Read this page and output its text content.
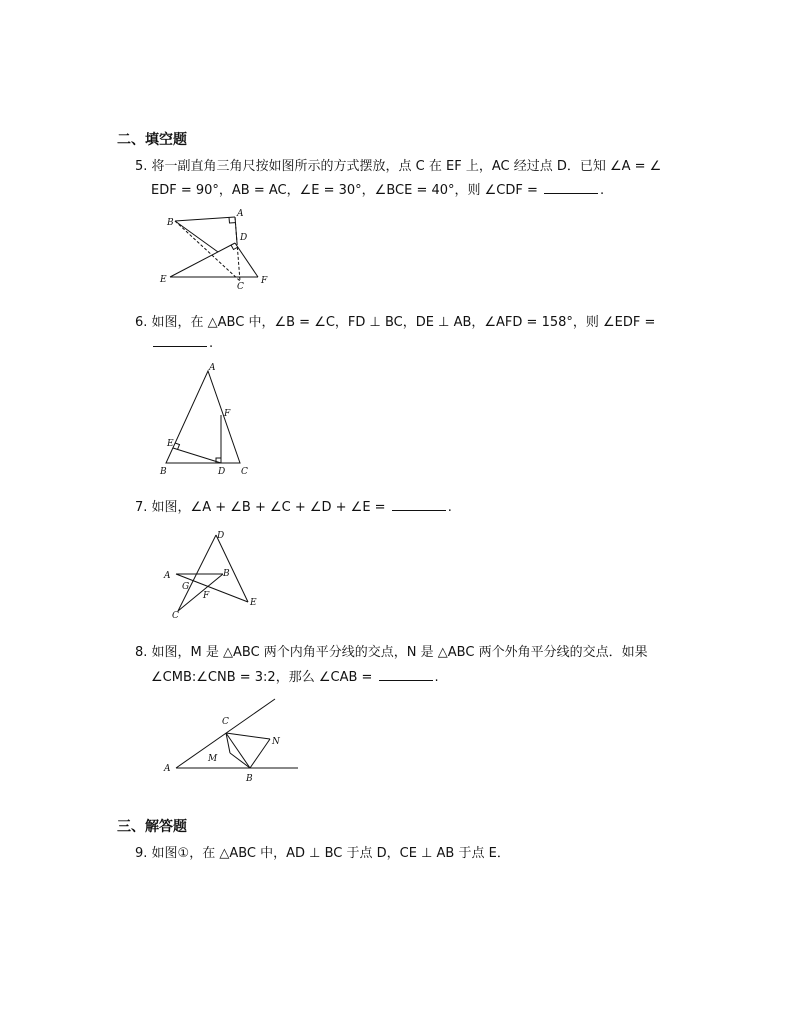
二、填空题
5. 将一副直角三角尺按如图所示的方式摆放，点 C 在 EF 上，AC 经过点 D．已知 ∠A = ∠
EDF = 90°，AB = AC，∠E = 30°，∠BCE = 40°，则 ∠CDF =	.
B
A
D
E
C
F
6. 如图，在 △ABC 中，∠B = ∠C，FD ⊥ BC，DE ⊥ AB，∠AFD = 158°，则 ∠EDF =
.
A
F
E
B	D C
7. 如图，∠A + ∠B + ∠C + ∠D + ∠E =	.
D
A	B
G
F
C
E
8. 如图，M 是 △ABC 两个内角平分线的交点，N 是 △ABC 两个外角平分线的交点．如果
∠CMB:∠CNB = 3:2，那么 ∠CAB =	.
C
N
M
A
B
三、解答题
9. 如图①，在 △ABC 中，AD ⊥ BC 于点 D，CE ⊥ AB 于点 E．
